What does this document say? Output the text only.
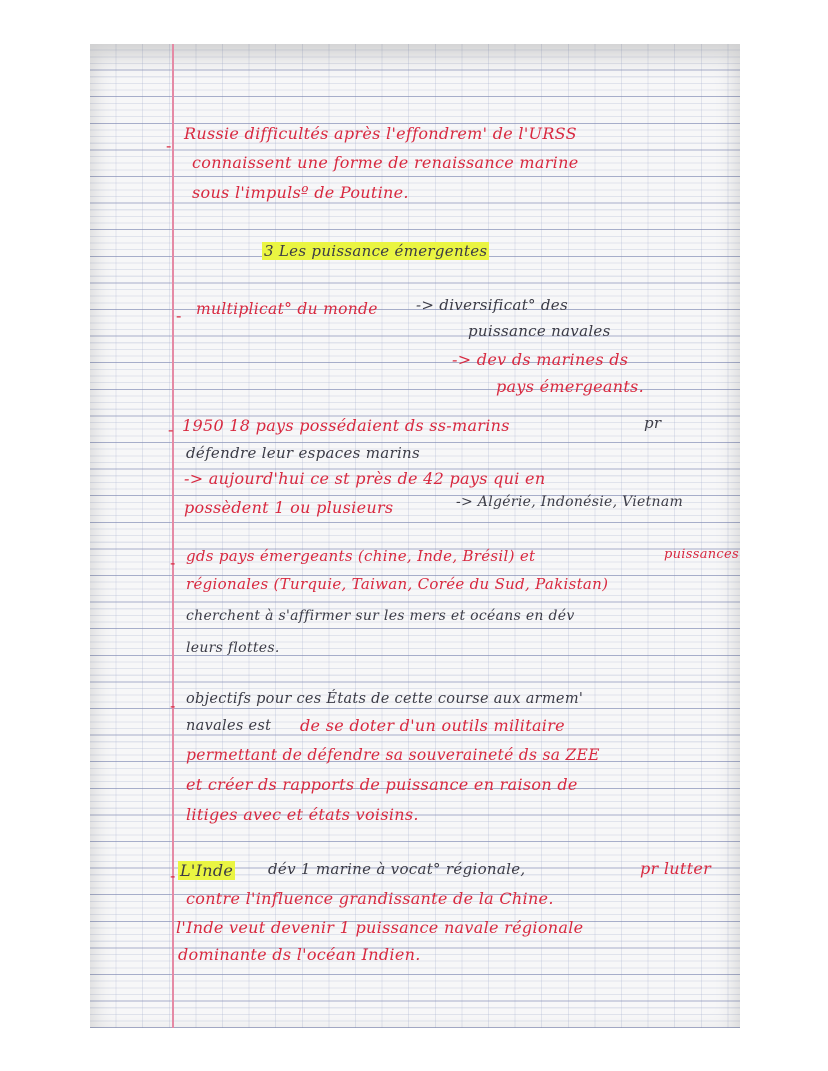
-
Russie difficultés après l'effondrem' de l'URSS
connaissent une forme de renaissance marine
sous l'impulsº de Poutine.
3 Les puissance émergentes
- multiplicat° du monde	-> diversificat° des
puissance navales
-> dev ds marines ds
pays émergeants.
- 1950 18 pays possédaient ds ss-marins	pr
défendre leur espaces marins
-> aujourd'hui ce st près de 42 pays qui en
possèdent 1 ou plusieurs	-> Algérie, Indonésie, Vietnam
- gds pays émergeants (chine, Inde, Brésil) et	puissances
régionales (Turquie, Taiwan, Corée du Sud, Pakistan)
cherchent à s'affirmer sur les mers et océans en dév
leurs flottes.
- objectifs pour ces États de cette course aux armem'
navales est de se doter d'un outils militaire
permettant de défendre sa souveraineté ds sa ZEE
et créer ds rapports de puissance en raison de
litiges avec et états voisins.
- L'Inde dév 1 marine à vocat° régionale,	pr lutter
contre l'influence grandissante de la Chine.
l'Inde veut devenir 1 puissance navale régionale
dominante ds l'océan Indien.
